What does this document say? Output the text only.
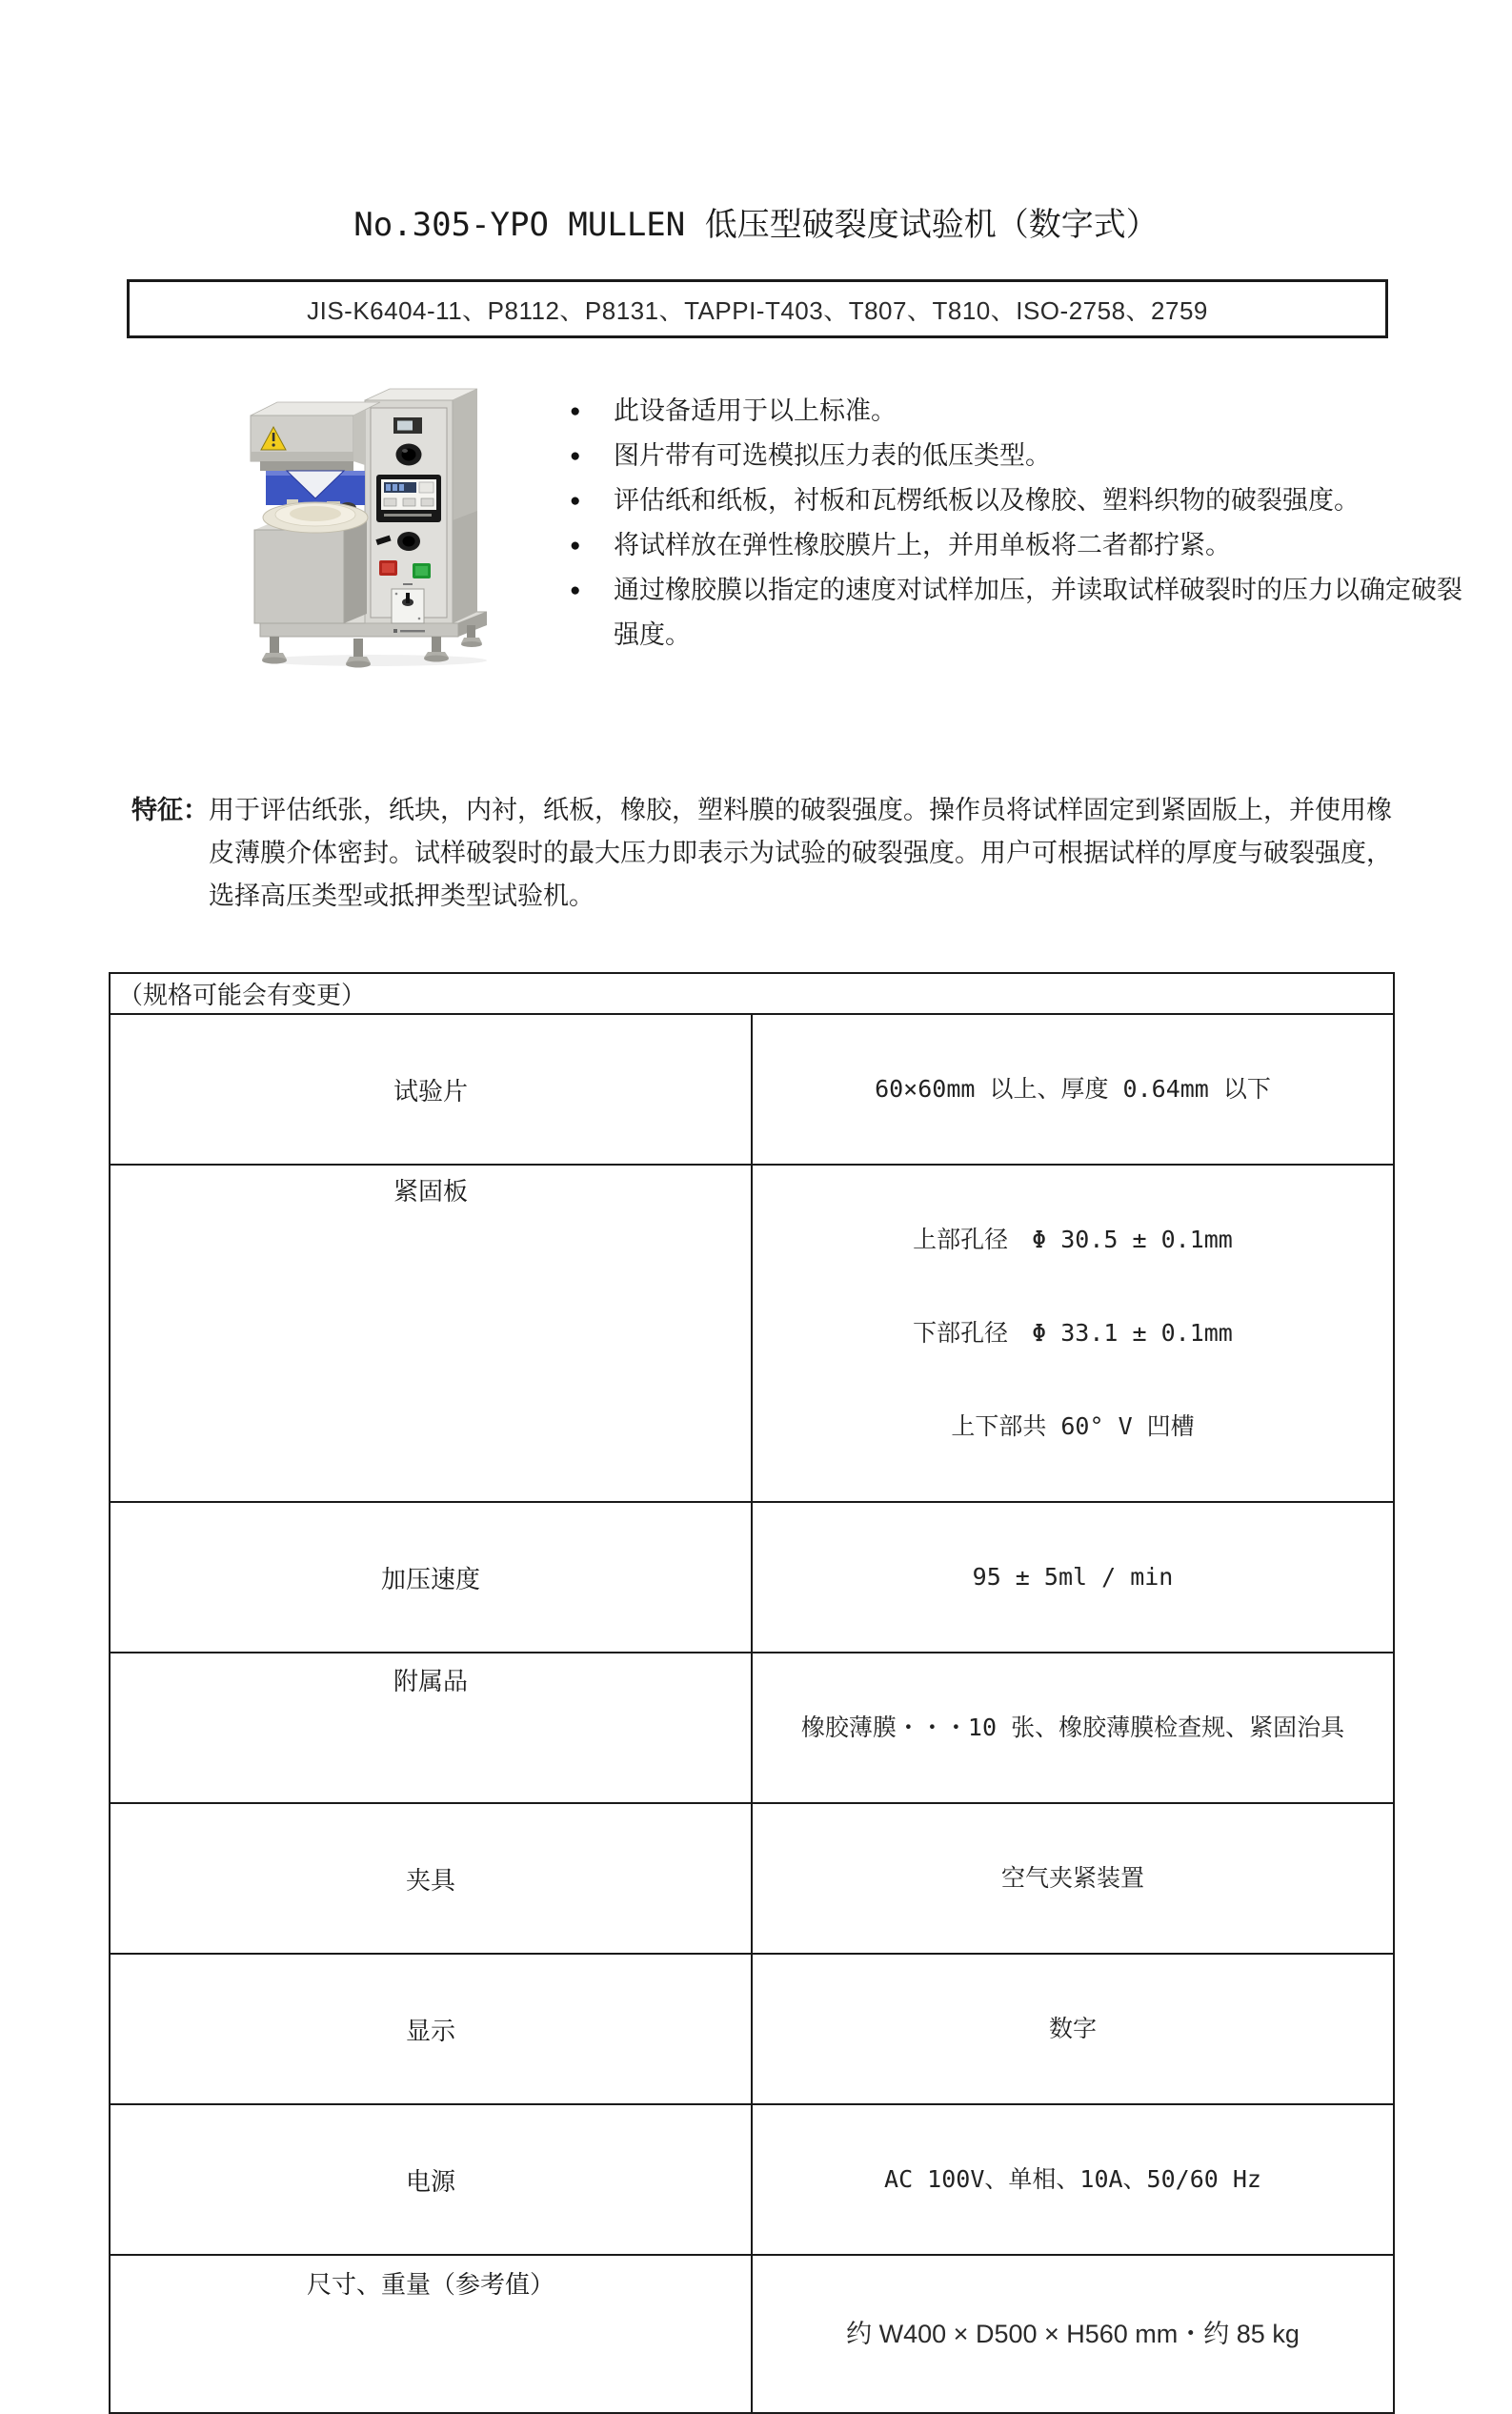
No.305-YPO MULLEN 低压型破裂度试验机（数字式）
JIS-K6404-11、P8112、P8131、TAPPI-T403、T807、T810、ISO-2758、2759
● 此设备适用于以上标准。
● 图片带有可选模拟压力表的低压类型。
● 评估纸和纸板，衬板和瓦楞纸板以及橡胶、塑料织物的破裂强度。
● 将试样放在弹性橡胶膜片上，并用单板将二者都拧紧。
● 通过橡胶膜以指定的速度对试样加压，并读取试样破裂时的压力以确定破裂强度。
特征： 用于评估纸张，纸块，内衬，纸板，橡胶，塑料膜的破裂强度。操作员将试样固定到紧固版上，并使用橡皮薄膜介体密封。试样破裂时的最大压力即表示为试验的破裂强度。用户可根据试样的厚度与破裂强度，选择高压类型或抵押类型试验机。
（规格可能会有变更）	
试验片	60×60mm 以上、厚度 0.64mm 以下

紧固板	上部孔径　Φ 30.5 ± 0.1mm

下部孔径　Φ 33.1 ± 0.1mm

上下部共 60° V 凹槽

加压速度	95 ± 5ml / min

附属品	橡胶薄膜・・・10 张、橡胶薄膜检查规、紧固治具

夹具	空气夹紧装置

显示	数字

电源	AC 100V、单相、10A、50/60 Hz

尺寸、重量（参考值）	约 W400 × D500 × H560 mm・约 85 kg
